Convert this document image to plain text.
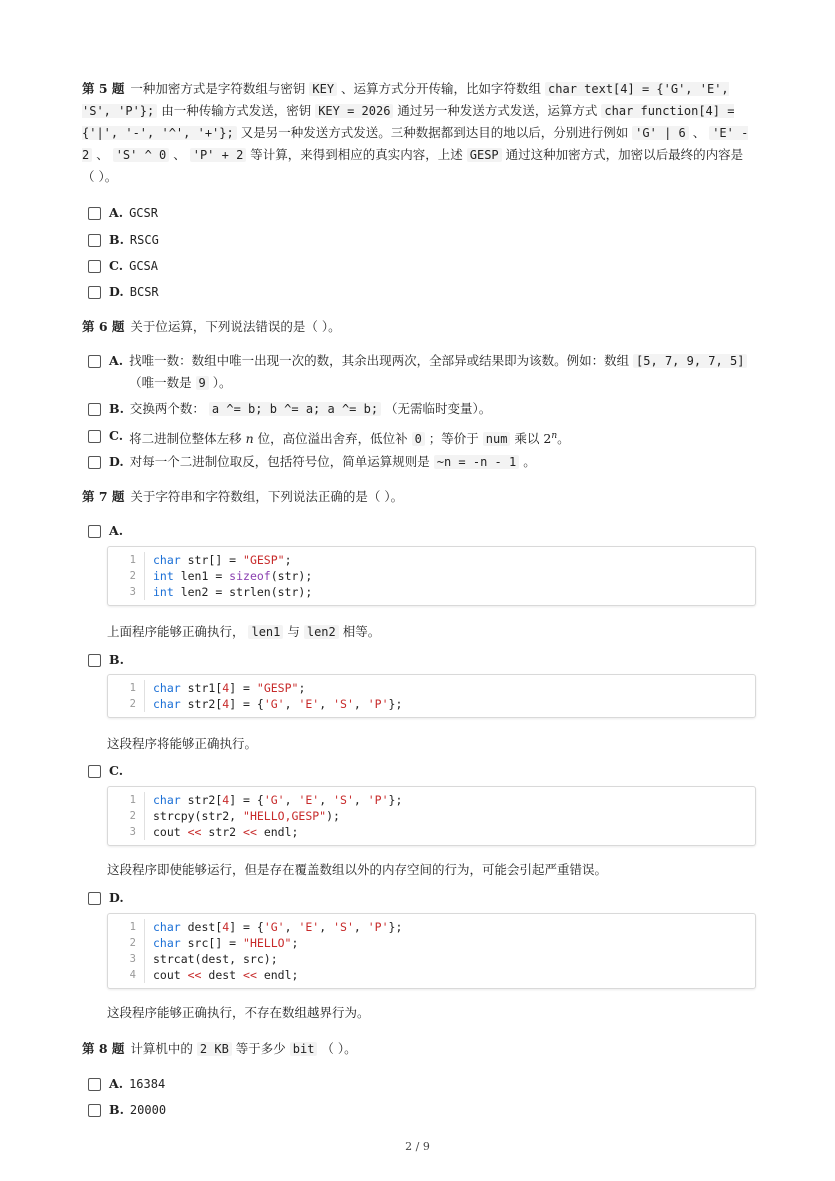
第 5 题 一种加密方式是字符数组与密钥 KEY 、运算方式分开传输，比如字符数组 char text[4] = {'G', 'E', 'S', 'P'}; 由一种传输方式发送，密钥 KEY = 2026 通过另一种发送方式发送，运算方式 char function[4] = {'|', '-', '^', '+'}; 又是另一种发送方式发送。三种数据都到达目的地以后，分别进行例如 'G' | 6 、 'E' - 2 、 'S' ^ 0 、 'P' + 2 等计算，来得到相应的真实内容，上述 GESP 通过这种加密方式，加密以后最终的内容是（ ）。
A. GCSR
B. RSCG
C. GCSA
D. BCSR
第 6 题 关于位运算，下列说法错误的是（ ）。
A. 找唯一数：数组中唯一出现一次的数，其余出现两次，全部异或结果即为该数。例如：数组 [5, 7, 9, 7, 5] （唯一数是 9 ）。
B. 交换两个数： a ^= b; b ^= a; a ^= b; （无需临时变量）。
C. 将二进制位整体左移 n 位，高位溢出舍弃，低位补 0 ；等价于 num 乘以 2$^n$。
D. 对每一个二进制位取反，包括符号位，简单运算规则是 ~n = -n - 1 。
第 7 题 关于字符串和字符数组，下列说法正确的是（ ）。
A.
1	char str[] = "GESP";
2	int len1 = sizeof(str);
3	int len2 = strlen(str);
上面程序能够正确执行， len1 与 len2 相等。
B.
1	char str1[4] = "GESP";
2	char str2[4] = {'G', 'E', 'S', 'P'};
这段程序将能够正确执行。
C.
1	char str2[4] = {'G', 'E', 'S', 'P'};
2	strcpy(str2, "HELLO,GESP");
3	cout << str2 << endl;
这段程序即使能够运行，但是存在覆盖数组以外的内存空间的行为，可能会引起严重错误。
D.
1	char dest[4] = {'G', 'E', 'S', 'P'};
2	char src[] = "HELLO";
3	strcat(dest, src);
4	cout << dest << endl;
这段程序能够正确执行，不存在数组越界行为。
第 8 题 计算机中的 2 KB 等于多少 bit （ ）。
A. 16384
B. 20000
2 / 9
